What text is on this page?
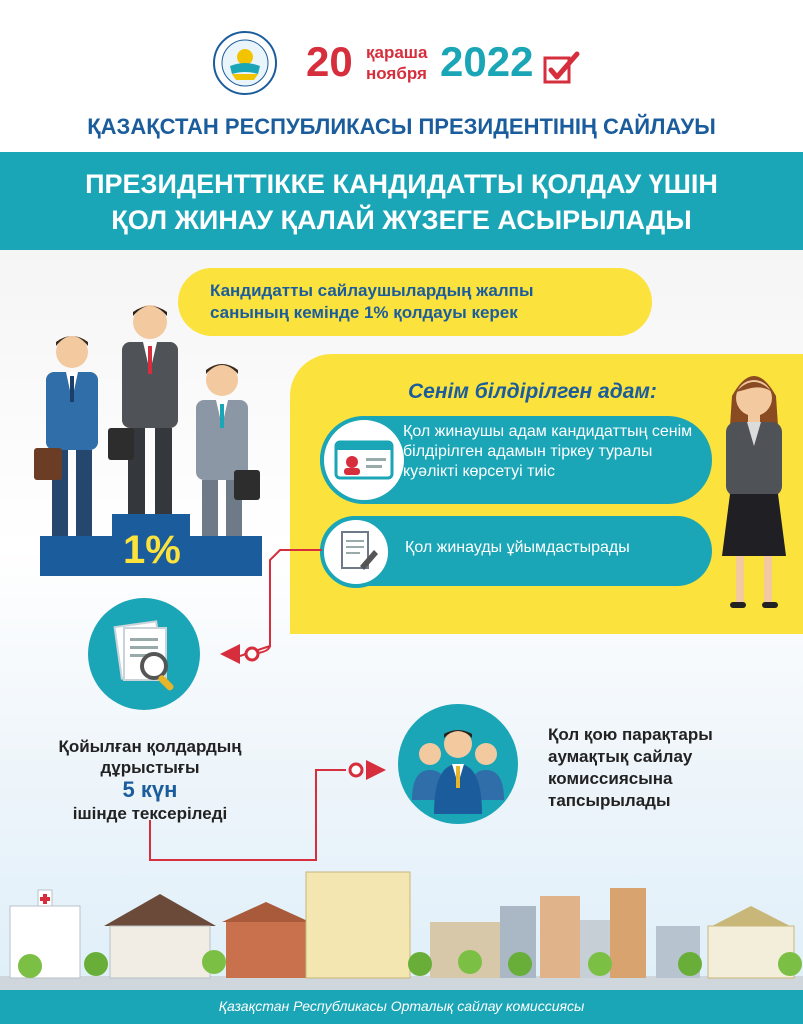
20 қараша
ноября 2022
ҚАЗАҚСТАН РЕСПУБЛИКАСЫ ПРЕЗИДЕНТІНІҢ САЙЛАУЫ
ПРЕЗИДЕНТТІККЕ КАНДИДАТТЫ ҚОЛДАУ ҮШІН
ҚОЛ ЖИНАУ ҚАЛАЙ ЖҮЗЕГЕ АСЫРЫЛАДЫ
Кандидатты сайлаушылардың жалпы
санының кемінде 1% қолдауы керек
1%
Сенім білдірілген адам:
Қол жинаушы адам кандидаттың сенім білдірілген адамын тіркеу туралы куәлікті көрсетуі тиіс
Қол жинауды ұйымдастырады
Қойылған қолдардың
дұрыстығы
5 күн
ішінде тексеріледі
Қол қою парақтары аумақтық сайлау комиссиясына тапсырылады
Қазақстан Республикасы Орталық сайлау комиссиясы
